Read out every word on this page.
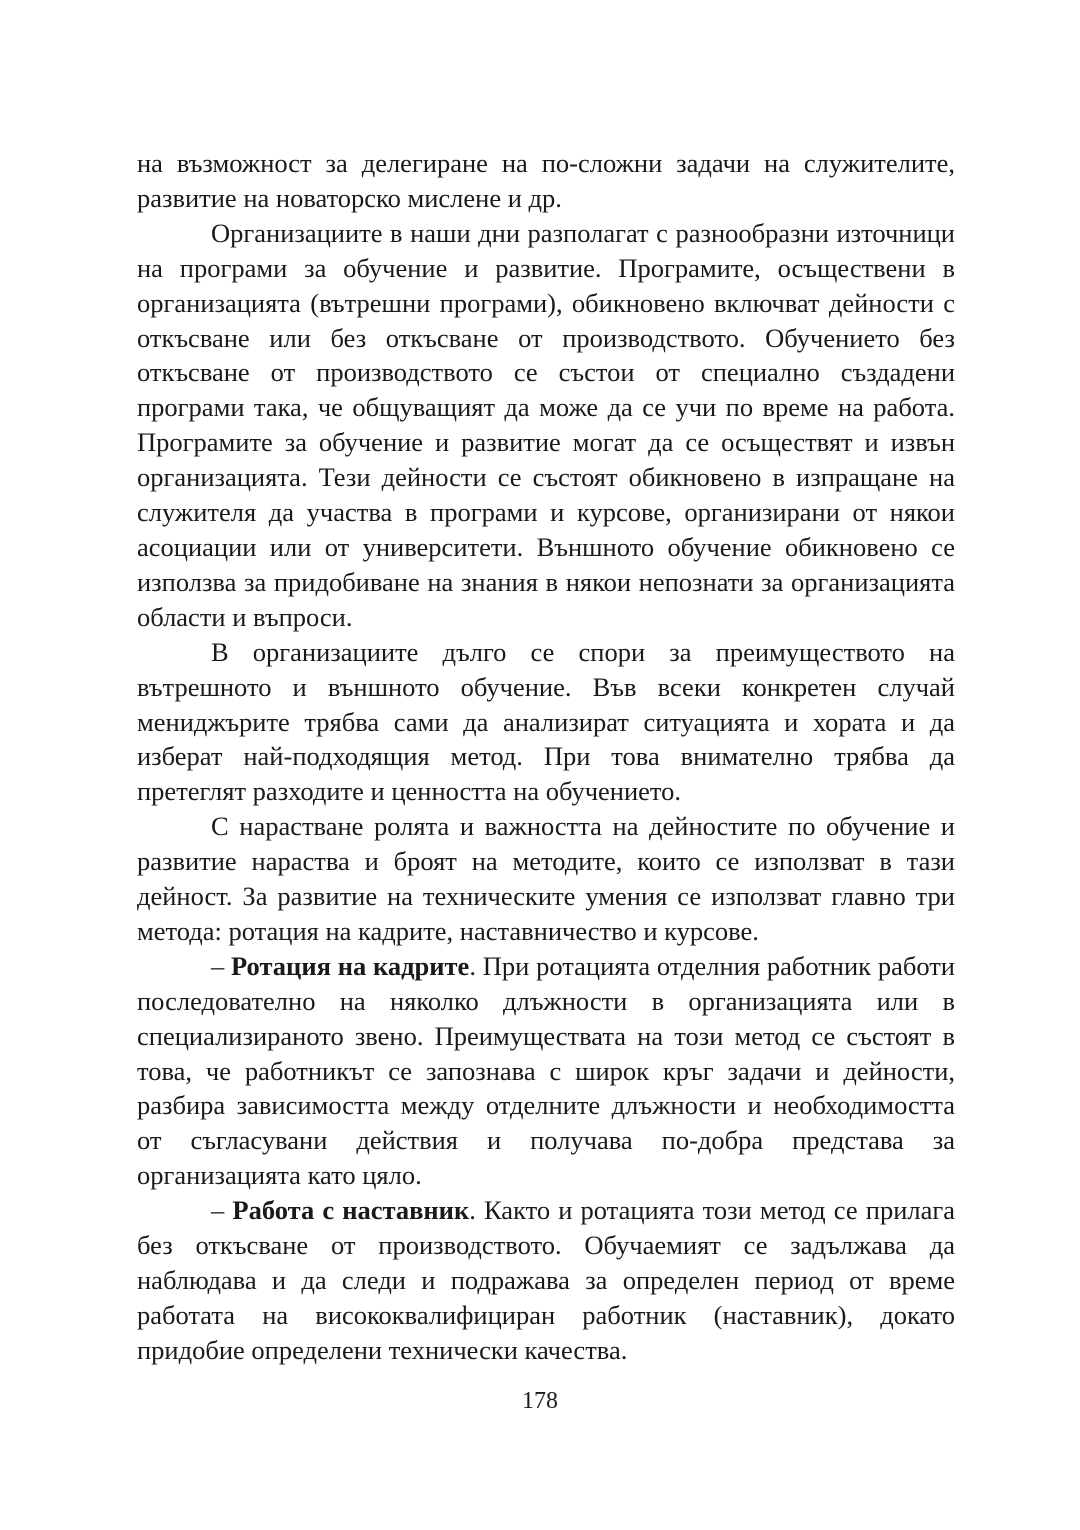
на възможност за делегиране на по-сложни задачи на служителите, развитие на новаторско мислене и др.

Организациите в наши дни разполагат с разнообразни източници на програми за обучение и развитие. Програмите, осъществени в организацията (вътрешни програми), обикновено включват дейности с откъсване или без откъсване от производството. Обучението без откъсване от производството се състои от специално създадени програми така, че общуващият да може да се учи по време на работа. Програмите за обучение и развитие могат да се осъществят и извън организацията. Тези дейности се състоят обикновено в изпращане на служителя да участва в програми и курсове, организирани от някои асоциации или от университети. Външното обучение обикновено се използва за придобиване на знания в някои непознати за организацията области и въпроси.

В организациите дълго се спори за преимуществото на вътрешното и външното обучение. Във всеки конкретен случай мениджърите трябва сами да анализират ситуацията и хората и да изберат най-подходящия метод. При това внимателно трябва да претеглят разходите и ценността на обучението.

С нарастване ролята и важността на дейностите по обучение и развитие нараства и броят на методите, които се използват в тази дейност. За развитие на техническите умения се използват главно три метода: ротация на кадрите, наставничество и курсове.

– Ротация на кадрите. При ротацията отделния работник работи последователно на няколко длъжности в организацията или в специализираното звено. Преимуществата на този метод се състоят в това, че работникът се запознава с широк кръг задачи и дейности, разбира зависимостта между отделните длъжности и необходимостта от съгласувани действия и получава по-добра представа за организацията като цяло.

– Работа с наставник. Както и ротацията този метод се прилага без откъсване от производството. Обучаемият се задължава да наблюдава и да следи и подражава за определен период от време работата на висококвалифициран работник (наставник), докато придобие определени технически качества.

178
